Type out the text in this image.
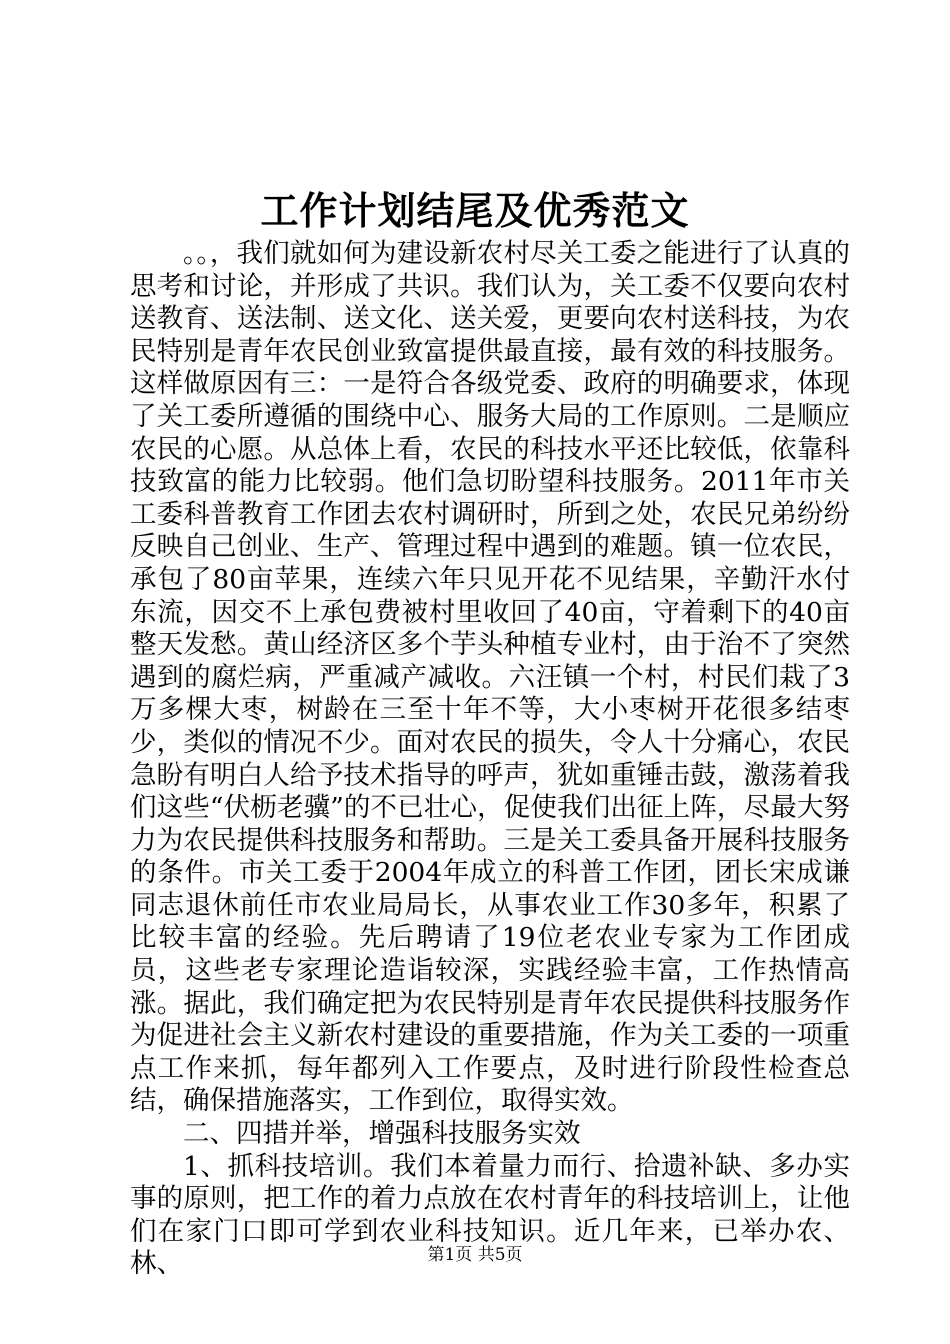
工作计划结尾及优秀范文

。。，我们就如何为建设新农村尽关工委之能进行了认真的思考和讨论，并形成了共识。我们认为，关工委不仅要向农村送教育、送法制、送文化、送关爱，更要向农村送科技，为农民特别是青年农民创业致富提供最直接，最有效的科技服务。这样做原因有三：一是符合各级党委、政府的明确要求，体现了关工委所遵循的围绕中心、服务大局的工作原则。二是顺应农民的心愿。从总体上看，农民的科技水平还比较低，依靠科技致富的能力比较弱。他们急切盼望科技服务。2011年市关工委科普教育工作团去农村调研时，所到之处，农民兄弟纷纷反映自己创业、生产、管理过程中遇到的难题。镇一位农民，承包了80亩苹果，连续六年只见开花不见结果，辛勤汗水付东流，因交不上承包费被村里收回了40亩，守着剩下的40亩整天发愁。黄山经济区多个芋头种植专业村，由于治不了突然遇到的腐烂病，严重减产减收。六汪镇一个村，村民们栽了3万多棵大枣，树龄在三至十年不等，大小枣树开花很多结枣少，类似的情况不少。面对农民的损失，令人十分痛心，农民急盼有明白人给予技术指导的呼声，犹如重锤击鼓，激荡着我们这些“伏枥老骥”的不已壮心，促使我们出征上阵，尽最大努力为农民提供科技服务和帮助。三是关工委具备开展科技服务的条件。市关工委于2004年成立的科普工作团，团长宋成谦同志退休前任市农业局局长，从事农业工作30多年，积累了比较丰富的经验。先后聘请了19位老农业专家为工作团成员，这些老专家理论造诣较深，实践经验丰富，工作热情高涨。据此，我们确定把为农民特别是青年农民提供科技服务作为促进社会主义新农村建设的重要措施，作为关工委的一项重点工作来抓，每年都列入工作要点，及时进行阶段性检查总结，确保措施落实，工作到位，取得实效。

二、四措并举，增强科技服务实效

1、抓科技培训。我们本着量力而行、拾遗补缺、多办实事的原则，把工作的着力点放在农村青年的科技培训上，让他们在家门口即可学到农业科技知识。近几年来，已举办农、林、	第1页 共5页
